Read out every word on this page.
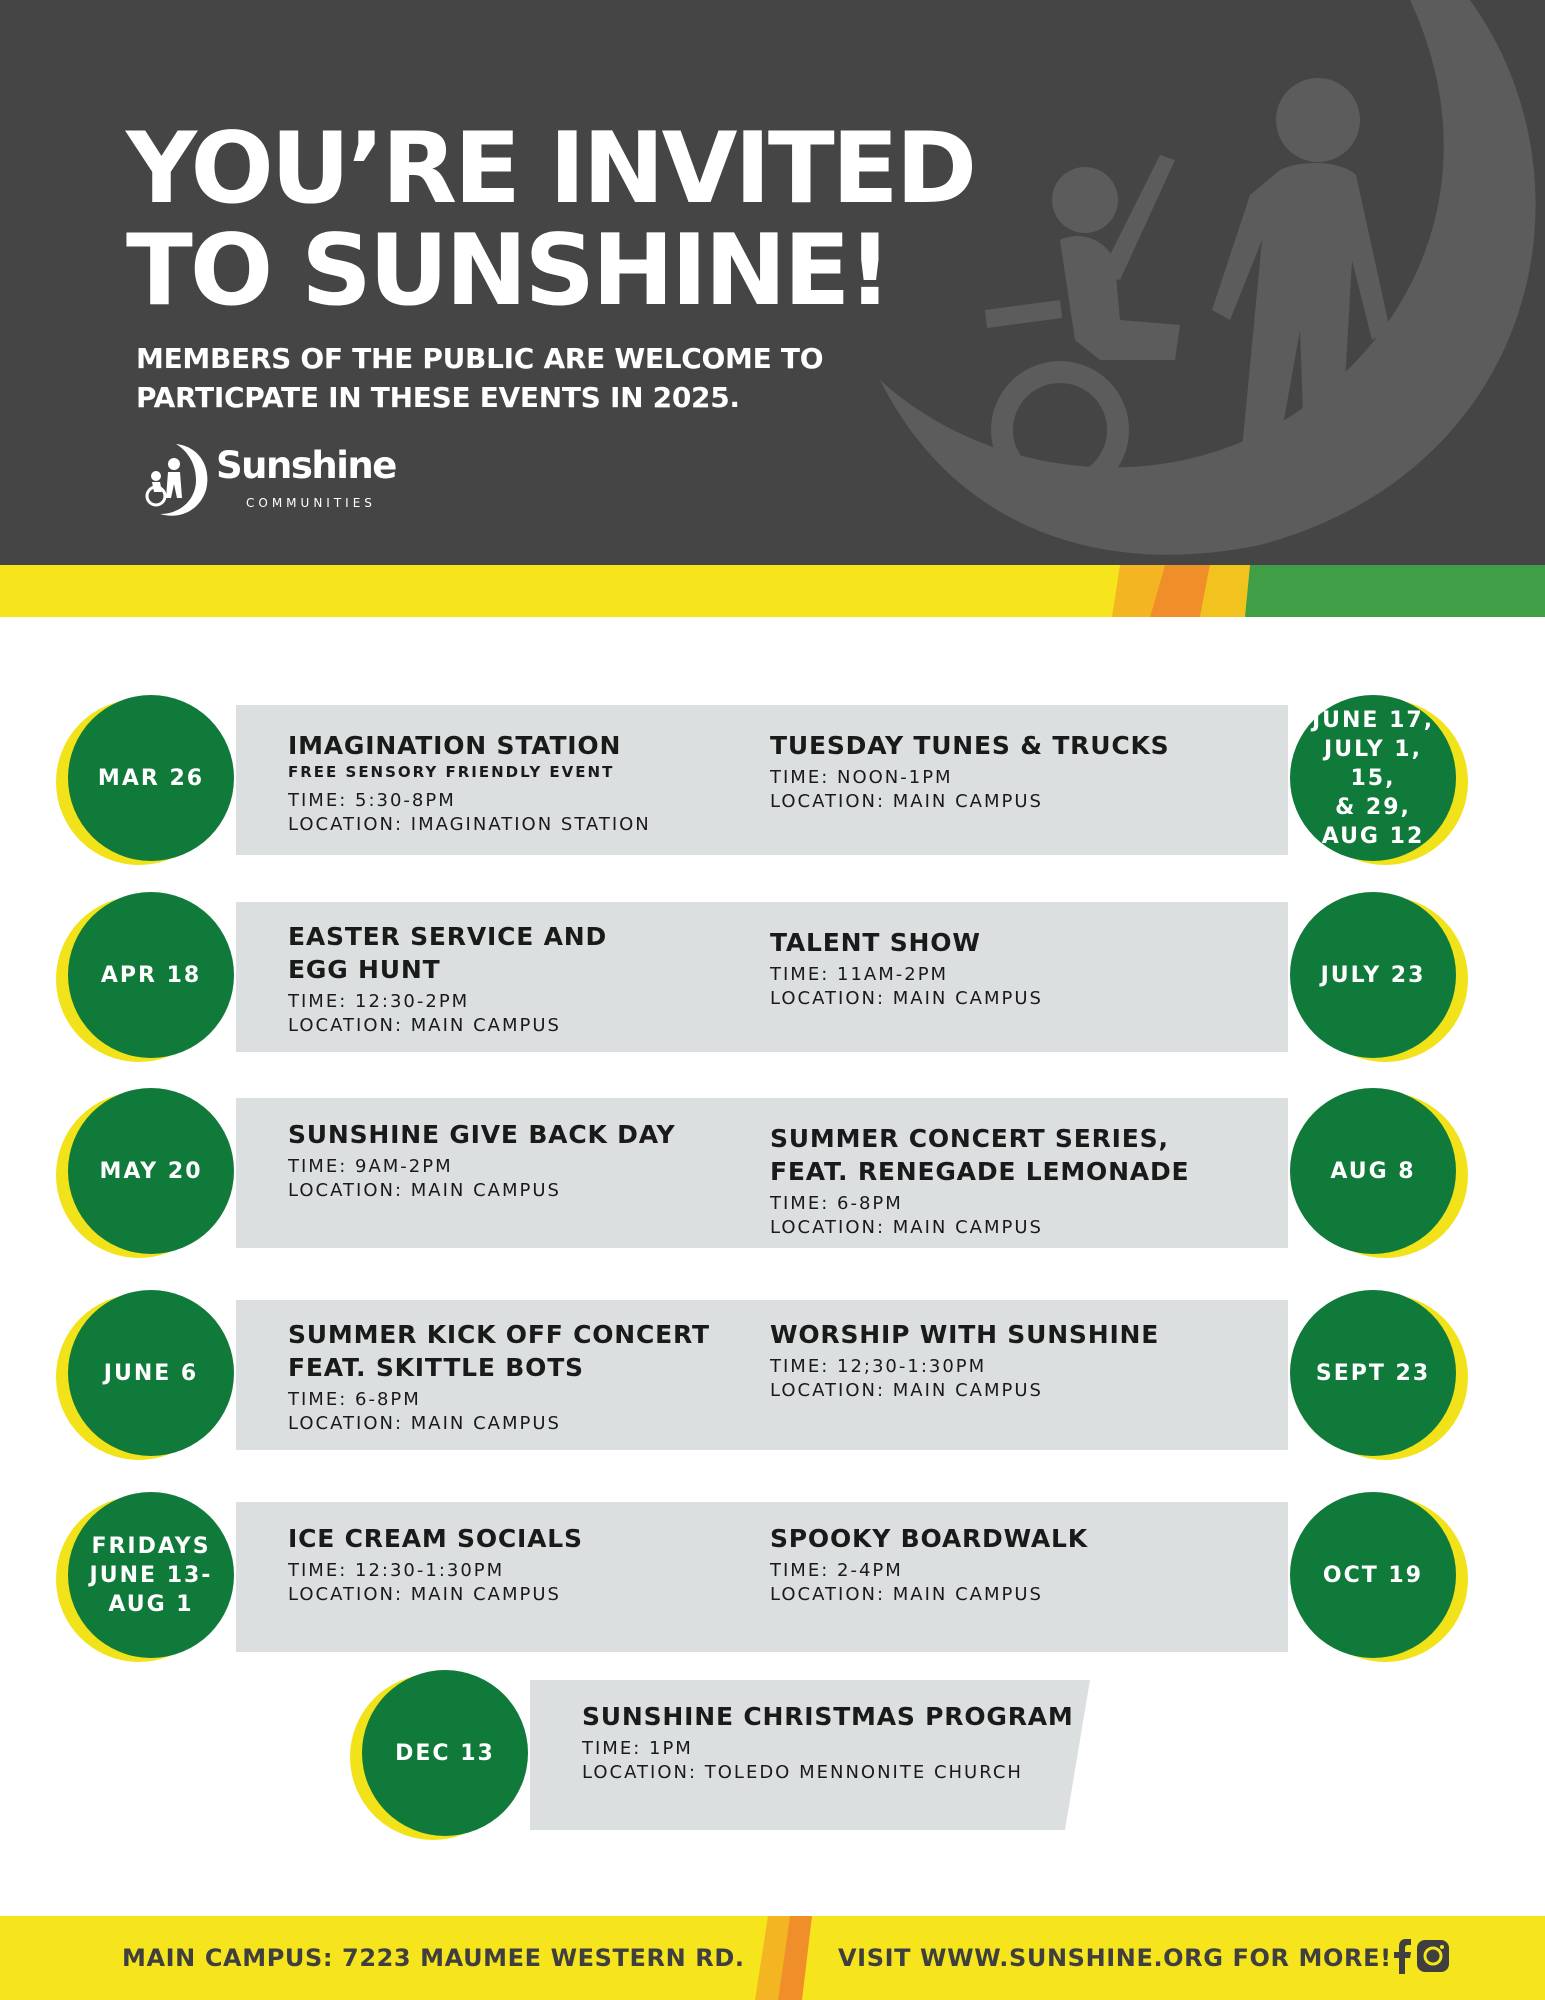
YOU’RE INVITED
TO SUNSHINE!
MEMBERS OF THE PUBLIC ARE WELCOME TO
PARTICPATE IN THESE EVENTS IN 2025.
Sunshine
COMMUNITIES
MAR 26
IMAGINATION STATION
FREE SENSORY FRIENDLY EVENT
TIME: 5:30-8PM
LOCATION: IMAGINATION STATION
JUNE 17,
JULY 1, 15,
& 29,
AUG 12
TUESDAY TUNES & TRUCKS
TIME: NOON-1PM
LOCATION: MAIN CAMPUS
APR 18
EASTER SERVICE AND
EGG HUNT
TIME: 12:30-2PM
LOCATION: MAIN CAMPUS
JULY 23
TALENT SHOW
TIME: 11AM-2PM
LOCATION: MAIN CAMPUS
MAY 20
SUNSHINE GIVE BACK DAY
TIME: 9AM-2PM
LOCATION: MAIN CAMPUS
AUG 8
SUMMER CONCERT SERIES,
FEAT. RENEGADE LEMONADE
TIME: 6-8PM
LOCATION: MAIN CAMPUS
JUNE 6
SUMMER KICK OFF CONCERT
FEAT. SKITTLE BOTS
TIME: 6-8PM
LOCATION: MAIN CAMPUS
SEPT 23
WORSHIP WITH SUNSHINE
TIME: 12;30-1:30PM
LOCATION: MAIN CAMPUS
FRIDAYS
JUNE 13-
AUG 1
ICE CREAM SOCIALS
TIME: 12:30-1:30PM
LOCATION: MAIN CAMPUS
OCT 19
SPOOKY BOARDWALK
TIME: 2-4PM
LOCATION: MAIN CAMPUS
DEC 13
SUNSHINE CHRISTMAS PROGRAM
TIME: 1PM
LOCATION: TOLEDO MENNONITE CHURCH
MAIN CAMPUS: 7223 MAUMEE WESTERN RD.	VISIT WWW.SUNSHINE.ORG FOR MORE!
